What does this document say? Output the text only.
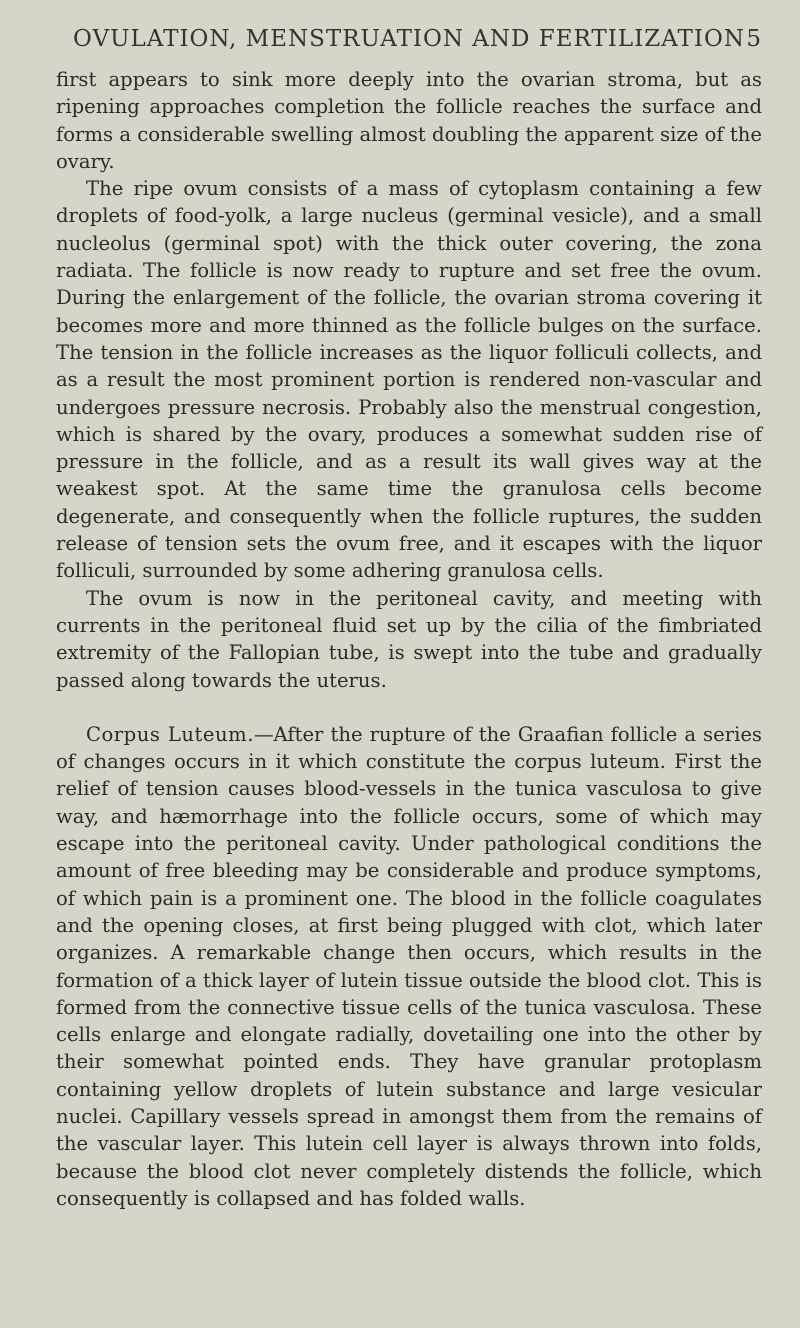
OVULATION, MENSTRUATION AND FERTILIZATION 5

first appears to sink more deeply into the ovarian stroma, but as ripening approaches completion the follicle reaches the surface and forms a considerable swelling almost doubling the apparent size of the ovary.

The ripe ovum consists of a mass of cytoplasm containing a few droplets of food-yolk, a large nucleus (germinal vesicle), and a small nucleolus (germinal spot) with the thick outer covering, the zona radiata. The follicle is now ready to rupture and set free the ovum. During the enlargement of the follicle, the ovarian stroma covering it becomes more and more thinned as the follicle bulges on the surface. The tension in the follicle increases as the liquor folliculi collects, and as a result the most prominent portion is rendered non-vascular and undergoes pressure necrosis. Probably also the menstrual congestion, which is shared by the ovary, produces a somewhat sudden rise of pressure in the follicle, and as a result its wall gives way at the weakest spot. At the same time the granulosa cells become degenerate, and consequently when the follicle ruptures, the sudden release of tension sets the ovum free, and it escapes with the liquor folliculi, surrounded by some adhering granulosa cells.

The ovum is now in the peritoneal cavity, and meeting with currents in the peritoneal fluid set up by the cilia of the fimbriated extremity of the Fallopian tube, is swept into the tube and gradually passed along towards the uterus.

Corpus Luteum.—After the rupture of the Graafian follicle a series of changes occurs in it which constitute the corpus luteum. First the relief of tension causes blood-vessels in the tunica vasculosa to give way, and hæmorrhage into the follicle occurs, some of which may escape into the peritoneal cavity. Under pathological conditions the amount of free bleeding may be considerable and produce symptoms, of which pain is a prominent one. The blood in the follicle coagulates and the opening closes, at first being plugged with clot, which later organizes. A remarkable change then occurs, which results in the formation of a thick layer of lutein tissue outside the blood clot. This is formed from the connective tissue cells of the tunica vasculosa. These cells enlarge and elongate radially, dovetailing one into the other by their somewhat pointed ends. They have granular protoplasm containing yellow droplets of lutein substance and large vesicular nuclei. Capillary vessels spread in amongst them from the remains of the vascular layer. This lutein cell layer is always thrown into folds, because the blood clot never completely distends the follicle, which consequently is collapsed and has folded walls.
